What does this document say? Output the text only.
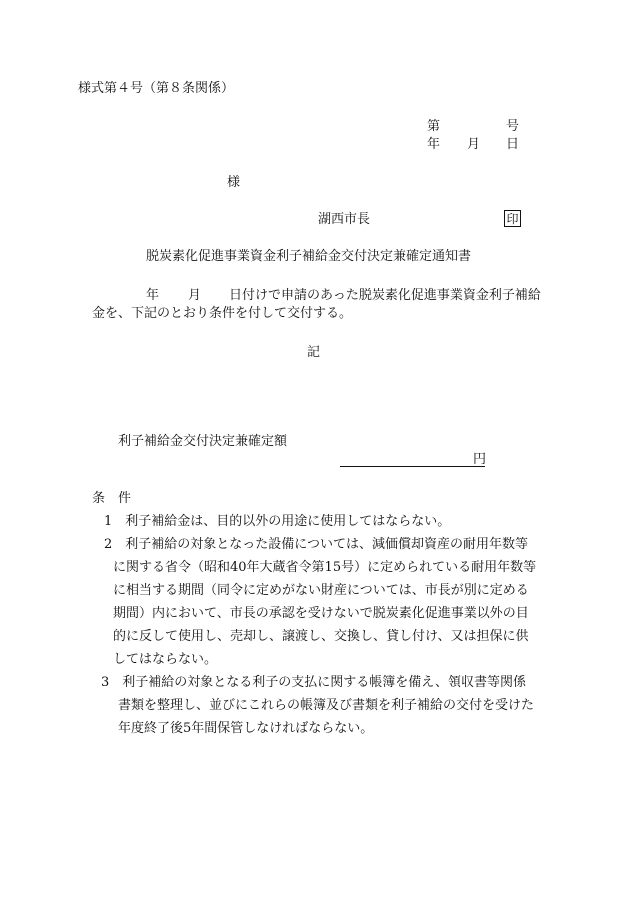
様式第４号（第８条関係）
第	号
年 月 日
様
湖西市長	印
脱炭素化促進事業資金利子補給金交付決定兼確定通知書
年 月 日付けで申請のあった脱炭素化促進事業資金利子補給
金を、下記のとおり条件を付して交付する。
記
利子補給金交付決定兼確定額
円
条　件
1　利子補給金は、目的以外の用途に使用してはならない。
2　利子補給の対象となった設備については、減価償却資産の耐用年数等
に関する省令（昭和40年大蔵省令第15号）に定められている耐用年数等
に相当する期間（同令に定めがない財産については、市長が別に定める
期間）内において、市長の承認を受けないで脱炭素化促進事業以外の目
的に反して使用し、売却し、譲渡し、交換し、貸し付け、又は担保に供
してはならない。
3　利子補給の対象となる利子の支払に関する帳簿を備え、領収書等関係
書類を整理し、並びにこれらの帳簿及び書類を利子補給の交付を受けた
年度終了後5年間保管しなければならない。
